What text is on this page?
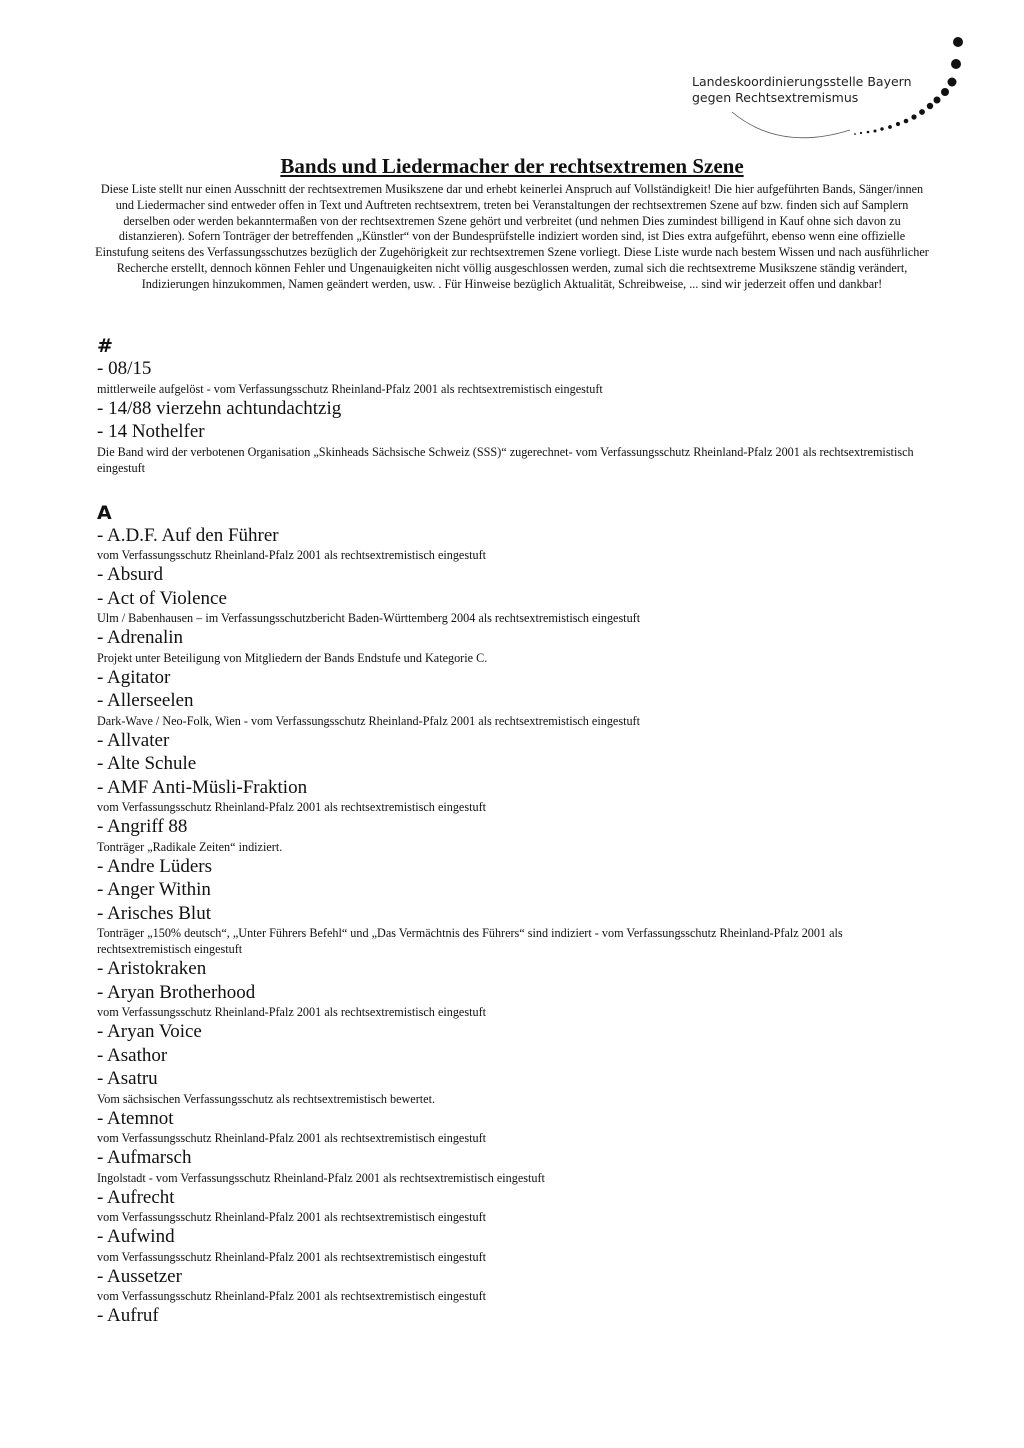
Landeskoordinierungsstelle Bayern
gegen Rechtsextremismus
Bands und Liedermacher der rechtsextremen Szene

Diese Liste stellt nur einen Ausschnitt der rechtsextremen Musikszene dar und erhebt keinerlei Anspruch auf Vollständigkeit! Die hier aufgeführten Bands, Sänger/innen und Liedermacher sind entweder offen in Text und Auftreten rechtsextrem, treten bei Veranstaltungen der rechtsextremen Szene auf bzw. finden sich auf Samplern derselben oder werden bekanntermaßen von der rechtsextremen Szene gehört und verbreitet (und nehmen Dies zumindest billigend in Kauf ohne sich davon zu distanzieren). Sofern Tonträger der betreffenden „Künstler“ von der Bundesprüfstelle indiziert worden sind, ist Dies extra aufgeführt, ebenso wenn eine offizielle Einstufung seitens des Verfassungsschutzes bezüglich der Zugehörigkeit zur rechtsextremen Szene vorliegt. Diese Liste wurde nach bestem Wissen und nach ausführlicher Recherche erstellt, dennoch können Fehler und Ungenauigkeiten nicht völlig ausgeschlossen werden, zumal sich die rechtsextreme Musikszene ständig verändert, Indizierungen hinzukommen, Namen geändert werden, usw. . Für Hinweise bezüglich Aktualität, Schreibweise, ... sind wir jederzeit offen und dankbar!

#
- 08/15
mittlerweile aufgelöst - vom Verfassungsschutz Rheinland-Pfalz 2001 als rechtsextremistisch eingestuft
- 14/88 vierzehn achtundachtzig
- 14 Nothelfer
Die Band wird der verbotenen Organisation „Skinheads Sächsische Schweiz (SSS)“ zugerechnet- vom Verfassungsschutz Rheinland-Pfalz 2001 als rechtsextremistisch eingestuft
A
- A.D.F. Auf den Führer
vom Verfassungsschutz Rheinland-Pfalz 2001 als rechtsextremistisch eingestuft
- Absurd
- Act of Violence
Ulm / Babenhausen – im Verfassungsschutzbericht Baden-Württemberg 2004 als rechtsextremistisch eingestuft
- Adrenalin
Projekt unter Beteiligung von Mitgliedern der Bands Endstufe und Kategorie C.
- Agitator
- Allerseelen
Dark-Wave / Neo-Folk, Wien - vom Verfassungsschutz Rheinland-Pfalz 2001 als rechtsextremistisch eingestuft
- Allvater
- Alte Schule
- AMF Anti-Müsli-Fraktion
vom Verfassungsschutz Rheinland-Pfalz 2001 als rechtsextremistisch eingestuft
- Angriff 88
Tonträger „Radikale Zeiten“ indiziert.
- Andre Lüders
- Anger Within
- Arisches Blut
Tonträger „150% deutsch“, „Unter Führers Befehl“ und „Das Vermächtnis des Führers“ sind indiziert - vom Verfassungsschutz Rheinland-Pfalz 2001 als rechtsextremistisch eingestuft
- Aristokraken
- Aryan Brotherhood
vom Verfassungsschutz Rheinland-Pfalz 2001 als rechtsextremistisch eingestuft
- Aryan Voice
- Asathor
- Asatru
Vom sächsischen Verfassungsschutz als rechtsextremistisch bewertet.
- Atemnot
vom Verfassungsschutz Rheinland-Pfalz 2001 als rechtsextremistisch eingestuft
- Aufmarsch
Ingolstadt - vom Verfassungsschutz Rheinland-Pfalz 2001 als rechtsextremistisch eingestuft
- Aufrecht
vom Verfassungsschutz Rheinland-Pfalz 2001 als rechtsextremistisch eingestuft
- Aufwind
vom Verfassungsschutz Rheinland-Pfalz 2001 als rechtsextremistisch eingestuft
- Aussetzer
vom Verfassungsschutz Rheinland-Pfalz 2001 als rechtsextremistisch eingestuft
- Aufruf
